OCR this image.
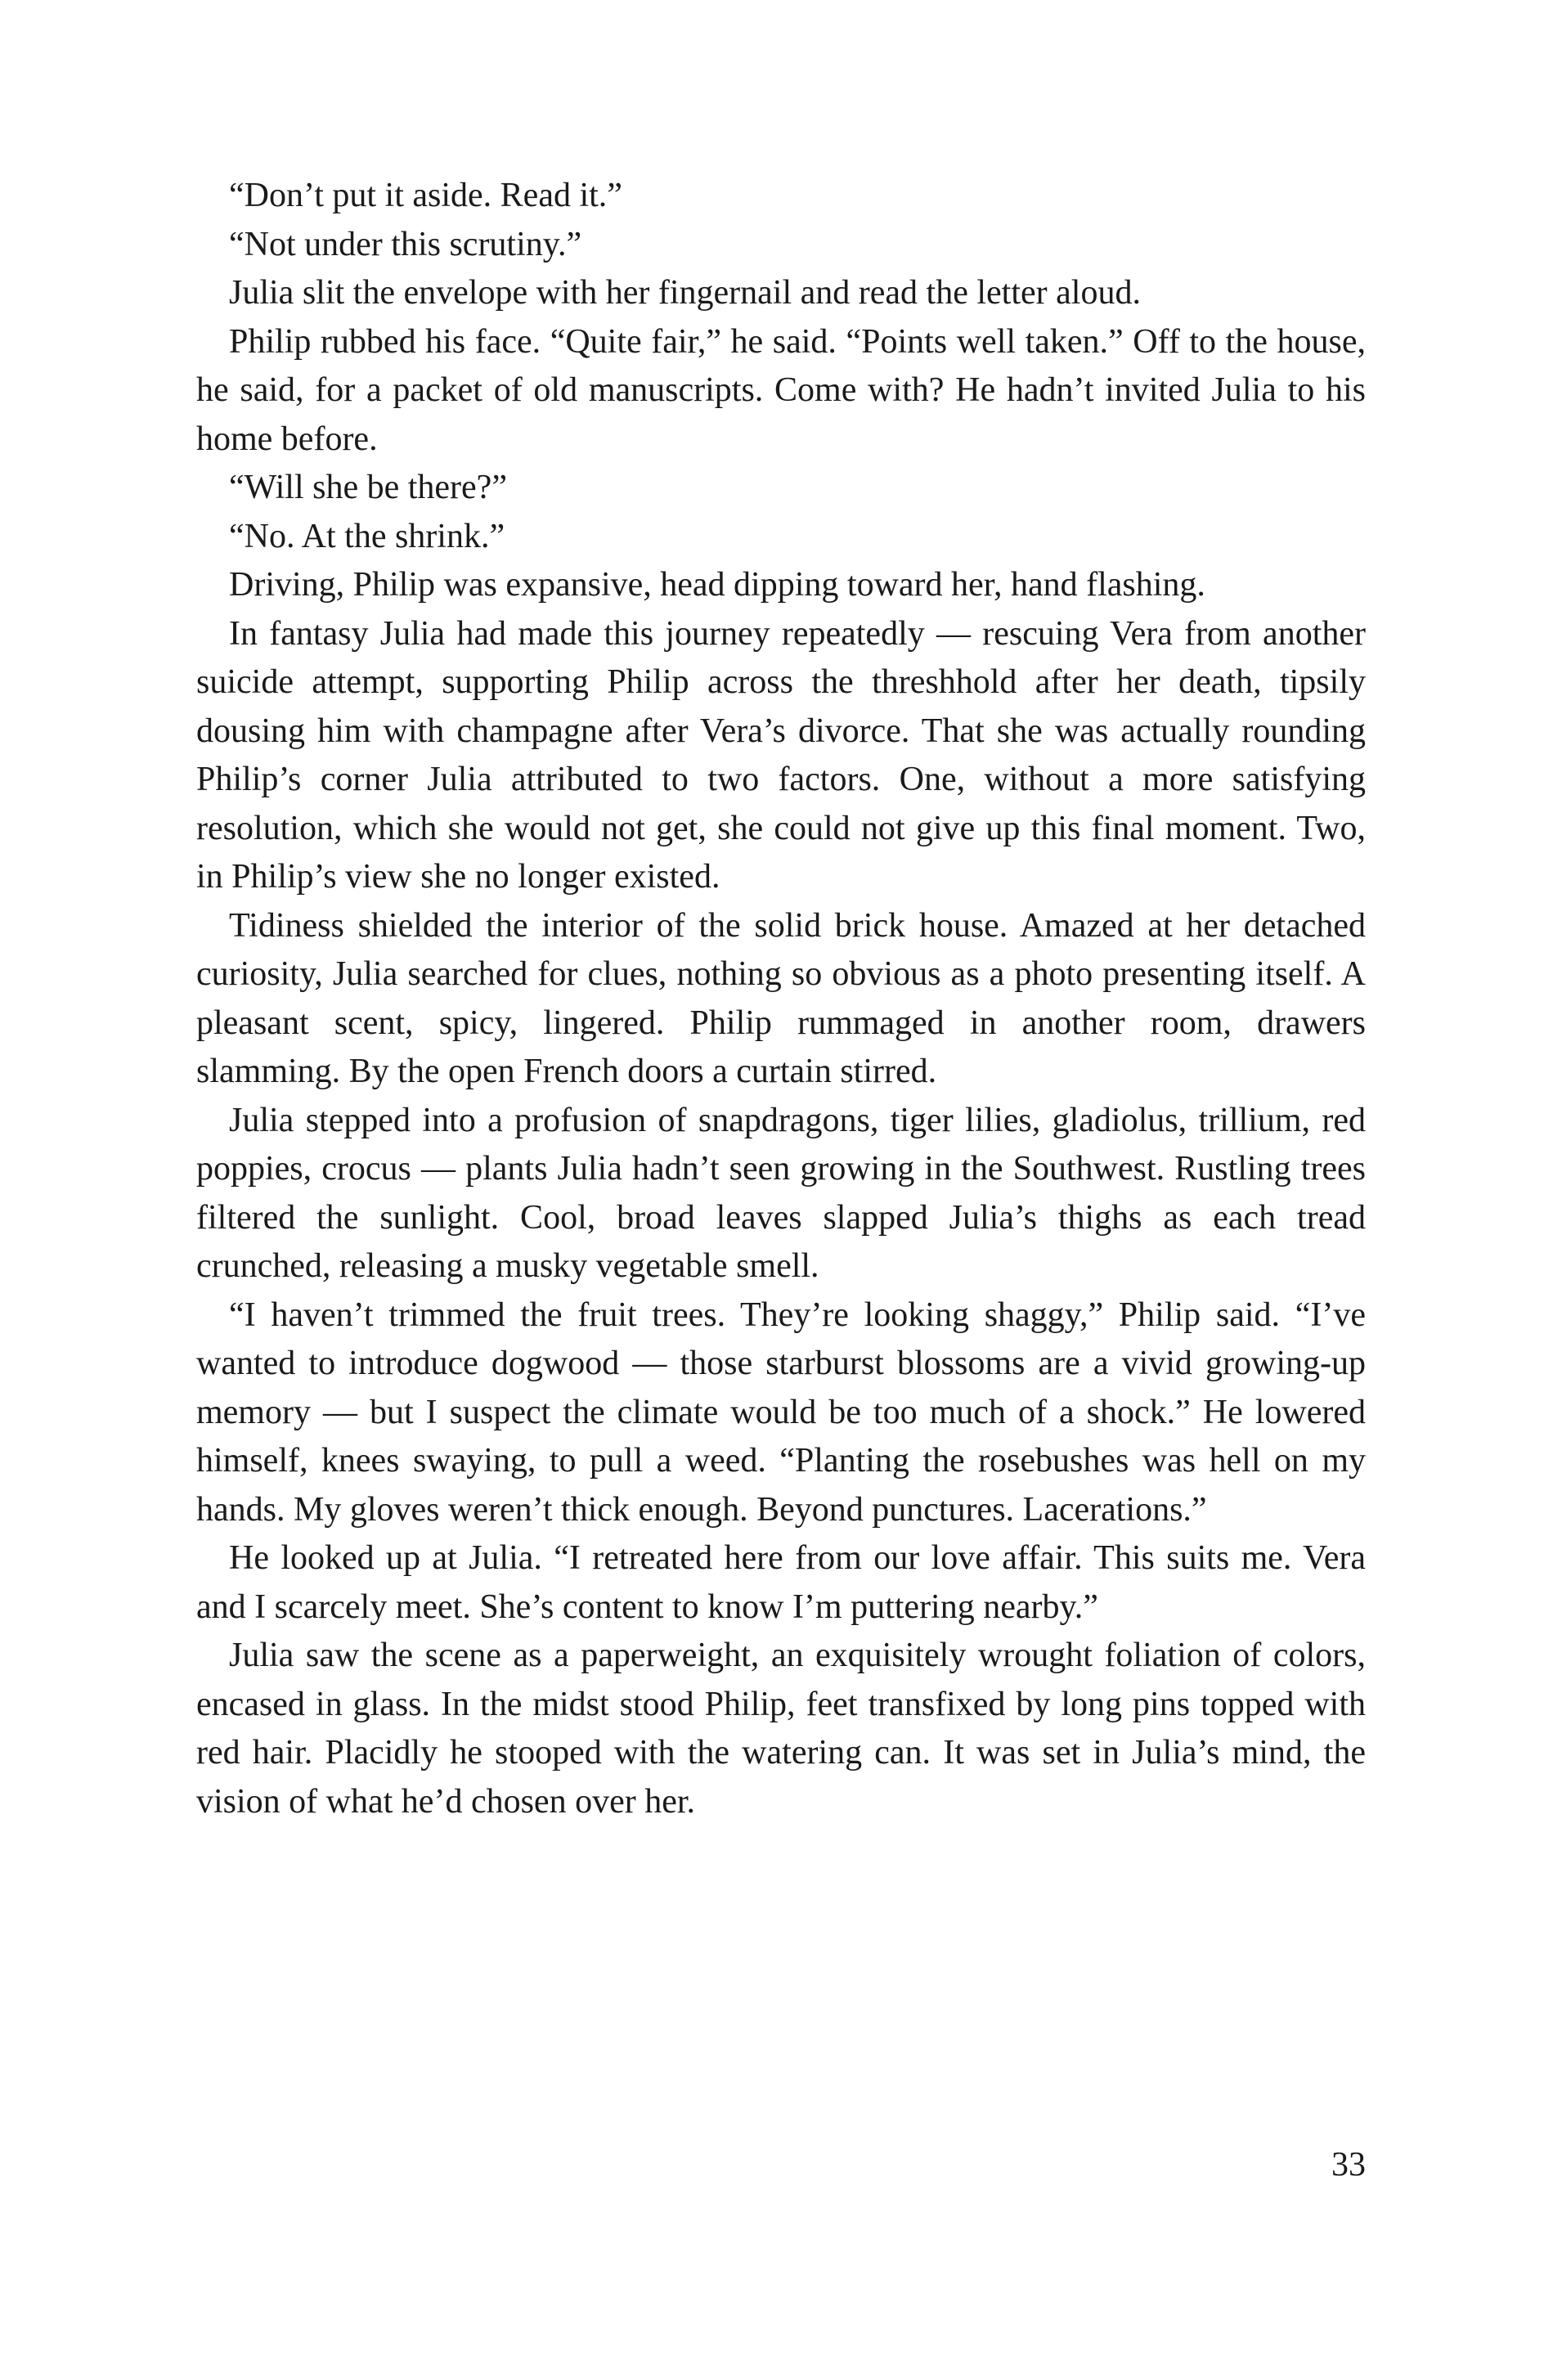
“Don’t put it aside. Read it.”

“Not under this scrutiny.”

Julia slit the envelope with her fingernail and read the letter aloud.

Philip rubbed his face. “Quite fair,” he said. “Points well taken.” Off to the house, he said, for a packet of old manuscripts. Come with? He hadn’t invited Julia to his home before.

“Will she be there?”

“No. At the shrink.”

Driving, Philip was expansive, head dipping toward her, hand flashing.

In fantasy Julia had made this journey repeatedly — rescuing Vera from another suicide attempt, supporting Philip across the threshhold after her death, tipsily dousing him with champagne after Vera’s divorce. That she was actually rounding Philip’s corner Julia attributed to two factors. One, without a more satisfying resolution, which she would not get, she could not give up this final moment. Two, in Philip’s view she no longer existed.

Tidiness shielded the interior of the solid brick house. Amazed at her detached curiosity, Julia searched for clues, nothing so obvious as a photo presenting itself. A pleasant scent, spicy, lingered. Philip rummaged in another room, drawers slamming. By the open French doors a curtain stirred.

Julia stepped into a profusion of snapdragons, tiger lilies, gladiolus, trillium, red poppies, crocus — plants Julia hadn’t seen growing in the Southwest. Rustling trees filtered the sunlight. Cool, broad leaves slapped Julia’s thighs as each tread crunched, releasing a musky vegetable smell.

“I haven’t trimmed the fruit trees. They’re looking shaggy,” Philip said. “I’ve wanted to introduce dogwood — those starburst blossoms are a vivid growing-up memory — but I suspect the climate would be too much of a shock.” He lowered himself, knees swaying, to pull a weed. “Planting the rosebushes was hell on my hands. My gloves weren’t thick enough. Beyond punctures. Lacerations.”

He looked up at Julia. “I retreated here from our love affair. This suits me. Vera and I scarcely meet. She’s content to know I’m puttering nearby.”

Julia saw the scene as a paperweight, an exquisitely wrought foliation of colors, encased in glass. In the midst stood Philip, feet transfixed by long pins topped with red hair. Placidly he stooped with the watering can. It was set in Julia’s mind, the vision of what he’d chosen over her.

33
